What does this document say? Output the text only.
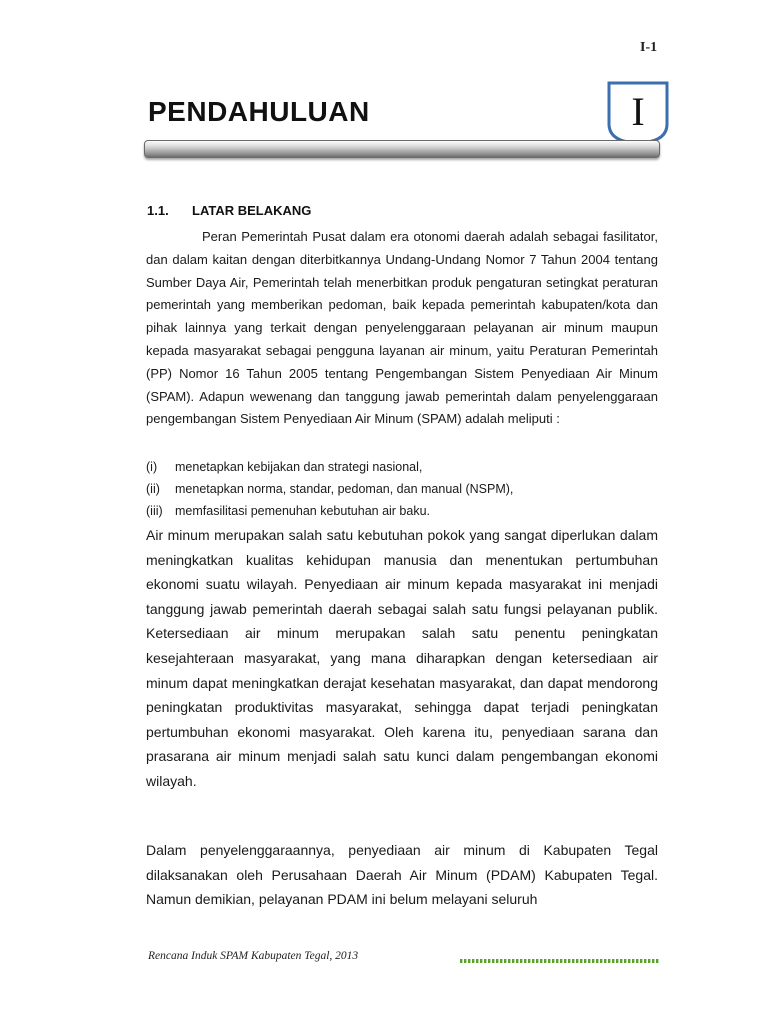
I-1
PENDAHULUAN	I
1.1. LATAR BELAKANG

Peran Pemerintah Pusat dalam era otonomi daerah adalah sebagai fasilitator, dan dalam kaitan dengan diterbitkannya Undang-Undang Nomor 7 Tahun 2004 tentang Sumber Daya Air, Pemerintah telah menerbitkan produk pengaturan setingkat peraturan pemerintah yang memberikan pedoman, baik kepada pemerintah kabupaten/kota dan pihak lainnya yang terkait dengan penyelenggaraan pelayanan air minum maupun kepada masyarakat sebagai pengguna layanan air minum, yaitu Peraturan Pemerintah (PP) Nomor 16 Tahun 2005 tentang Pengembangan Sistem Penyediaan Air Minum (SPAM). Adapun wewenang dan tanggung jawab pemerintah dalam penyelenggaraan pengembangan Sistem Penyediaan Air Minum (SPAM) adalah meliputi :

(i)	menetapkan kebijakan dan strategi nasional,
(ii)	menetapkan norma, standar, pedoman, dan manual (NSPM),
(iii) memfasilitasi pemenuhan kebutuhan air baku.

Air minum merupakan salah satu kebutuhan pokok yang sangat diperlukan dalam meningkatkan kualitas kehidupan manusia dan menentukan pertumbuhan ekonomi suatu wilayah. Penyediaan air minum kepada masyarakat ini menjadi tanggung jawab pemerintah daerah sebagai salah satu fungsi pelayanan publik. Ketersediaan air minum merupakan salah satu penentu peningkatan kesejahteraan masyarakat, yang mana diharapkan dengan ketersediaan air minum dapat meningkatkan derajat kesehatan masyarakat, dan dapat mendorong peningkatan produktivitas masyarakat, sehingga dapat terjadi peningkatan pertumbuhan ekonomi masyarakat. Oleh karena itu, penyediaan sarana dan prasarana air minum menjadi salah satu kunci dalam pengembangan ekonomi wilayah.

Dalam penyelenggaraannya, penyediaan air minum di Kabupaten Tegal dilaksanakan oleh Perusahaan Daerah Air Minum (PDAM) Kabupaten Tegal. Namun demikian, pelayanan PDAM ini belum melayani seluruh

Rencana Induk SPAM Kabupaten Tegal, 2013
